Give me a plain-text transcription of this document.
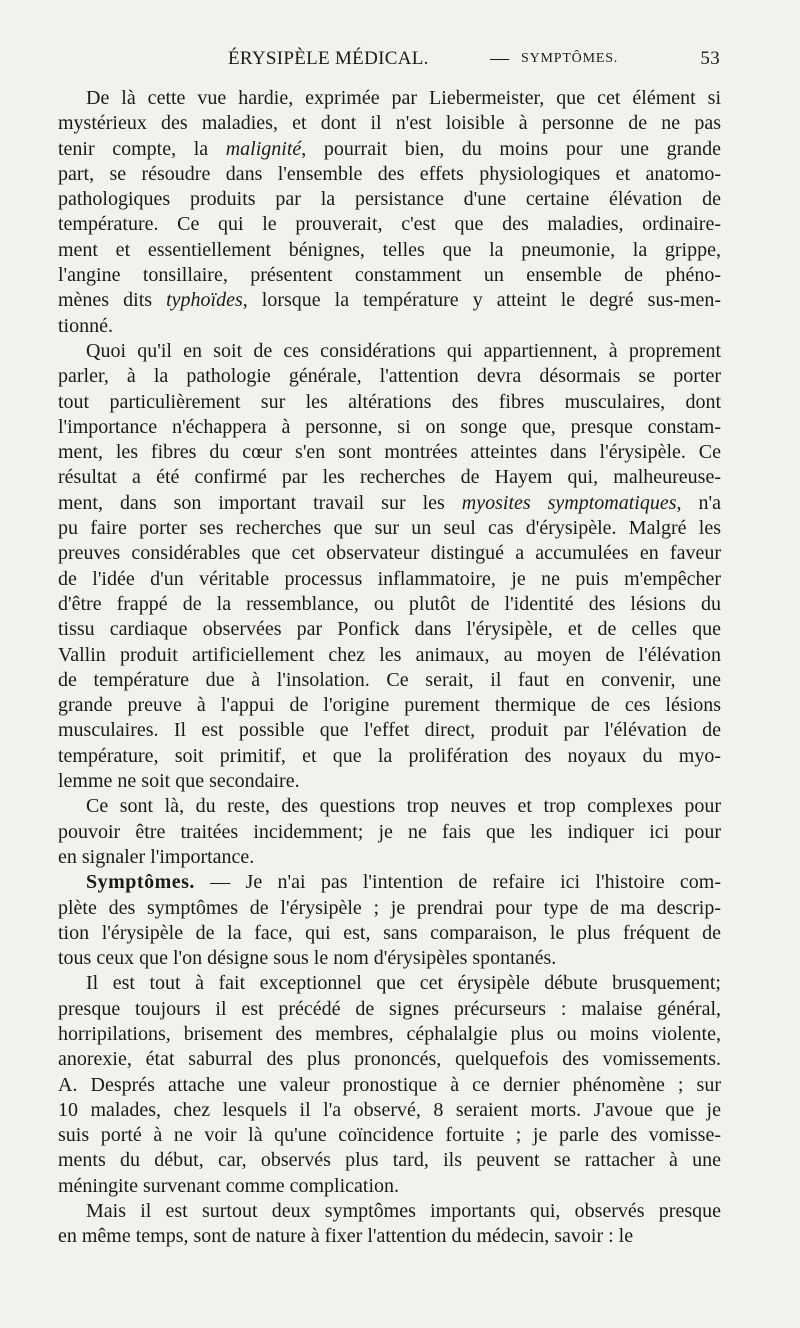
ÉRYSIPÈLE MÉDICAL.	— SYMPTÔMES.	53
De là cette vue hardie, exprimée par Liebermeister, que cet élément si
mystérieux des maladies, et dont il n'est loisible à personne de ne pas
tenir compte, la malignité, pourrait bien, du moins pour une grande
part, se résoudre dans l'ensemble des effets physiologiques et anatomo-
pathologiques produits par la persistance d'une certaine élévation de
température. Ce qui le prouverait, c'est que des maladies, ordinaire-
ment et essentiellement bénignes, telles que la pneumonie, la grippe,
l'angine tonsillaire, présentent constamment un ensemble de phéno-
mènes dits typhoïdes, lorsque la température y atteint le degré sus-men-
tionné.
Quoi qu'il en soit de ces considérations qui appartiennent, à proprement
parler, à la pathologie générale, l'attention devra désormais se porter
tout particulièrement sur les altérations des fibres musculaires, dont
l'importance n'échappera à personne, si on songe que, presque constam-
ment, les fibres du cœur s'en sont montrées atteintes dans l'érysipèle. Ce
résultat a été confirmé par les recherches de Hayem qui, malheureuse-
ment, dans son important travail sur les myosites symptomatiques, n'a
pu faire porter ses recherches que sur un seul cas d'érysipèle. Malgré les
preuves considérables que cet observateur distingué a accumulées en faveur
de l'idée d'un véritable processus inflammatoire, je ne puis m'empêcher
d'être frappé de la ressemblance, ou plutôt de l'identité des lésions du
tissu cardiaque observées par Ponfick dans l'érysipèle, et de celles que
Vallin produit artificiellement chez les animaux, au moyen de l'élévation
de température due à l'insolation. Ce serait, il faut en convenir, une
grande preuve à l'appui de l'origine purement thermique de ces lésions
musculaires. Il est possible que l'effet direct, produit par l'élévation de
température, soit primitif, et que la prolifération des noyaux du myo-
lemme ne soit que secondaire.
Ce sont là, du reste, des questions trop neuves et trop complexes pour
pouvoir être traitées incidemment; je ne fais que les indiquer ici pour
en signaler l'importance.
Symptômes. — Je n'ai pas l'intention de refaire ici l'histoire com-
plète des symptômes de l'érysipèle ; je prendrai pour type de ma descrip-
tion l'érysipèle de la face, qui est, sans comparaison, le plus fréquent de
tous ceux que l'on désigne sous le nom d'érysipèles spontanés.
Il est tout à fait exceptionnel que cet érysipèle débute brusquement;
presque toujours il est précédé de signes précurseurs : malaise général,
horripilations, brisement des membres, céphalalgie plus ou moins violente,
anorexie, état saburral des plus prononcés, quelquefois des vomissements.
A. Després attache une valeur pronostique à ce dernier phénomène ; sur
10 malades, chez lesquels il l'a observé, 8 seraient morts. J'avoue que je
suis porté à ne voir là qu'une coïncidence fortuite ; je parle des vomisse-
ments du début, car, observés plus tard, ils peuvent se rattacher à une
méningite survenant comme complication.
Mais il est surtout deux symptômes importants qui, observés presque
en même temps, sont de nature à fixer l'attention du médecin, savoir : le
